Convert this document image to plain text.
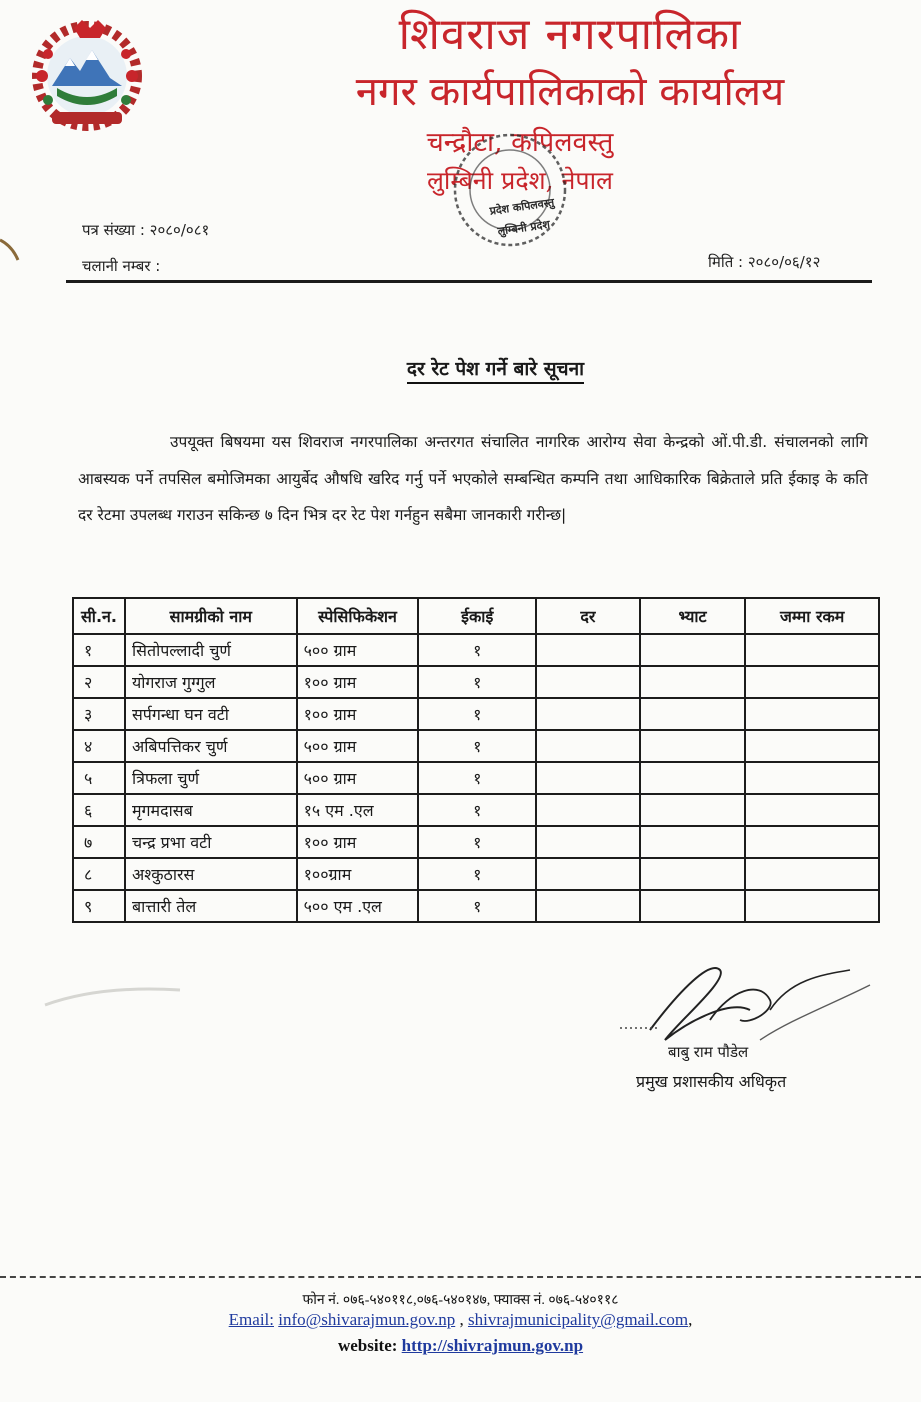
शिवराज नगरपालिका
नगर कार्यपालिकाको कार्यालय
चन्द्रौटा, कपिलवस्तु
लुम्बिनी प्रदेश, नेपाल
प्रदेश कपिलवस्तु
लुम्बिनी प्रदेश
पत्र संख्या : २०८०/०८१
चलानी नम्बर :	मिति : २०८०/०६/१२
दर रेट पेश गर्ने बारे सूचना
उपयूक्त बिषयमा यस शिवराज नगरपालिका अन्तरगत संचालित नागरिक आरोग्य सेवा केन्द्रको ओं.पी.डी. संचालनको लागि आबस्यक पर्ने तपसिल बमोजिमका आयुर्बेद औषधि खरिद गर्नु पर्ने भएकोले सम्बन्धित कम्पनि तथा आधिकारिक बिक्रेताले प्रति ईकाइ के कति दर रेटमा उपलब्ध गराउन सकिन्छ ७ दिन भित्र दर रेट पेश गर्नहुन सबैमा जानकारी गरीन्छ|
सी.न.	सामग्रीको नाम	स्पेसिफिकेशन	ईकाई	दर	भ्याट	जम्मा रकम
१	सितोपल्लादी चुर्ण	५०० ग्राम	१			
२	योगराज गुग्गुल	१०० ग्राम	१			
३	सर्पगन्धा घन वटी	१०० ग्राम	१			
४	अबिपत्तिकर चुर्ण	५०० ग्राम	१			
५	त्रिफला चुर्ण	५०० ग्राम	१			
६	मृगमदासब	१५ एम .एल	१			
७	चन्द्र प्रभा वटी	१०० ग्राम	१			
८	अश्कुठारस	१००ग्राम	१			
९	बात्तारी तेल	५०० एम .एल	१			
बाबु राम पौडेल
प्रमुख प्रशासकीय अधिकृत
फोन नं. ०७६-५४०११८,०७६-५४०१४७, फ्याक्स नं. ०७६-५४०११८
Email: info@shivarajmun.gov.np , shivrajmunicipality@gmail.com,
website: http://shivrajmun.gov.np
